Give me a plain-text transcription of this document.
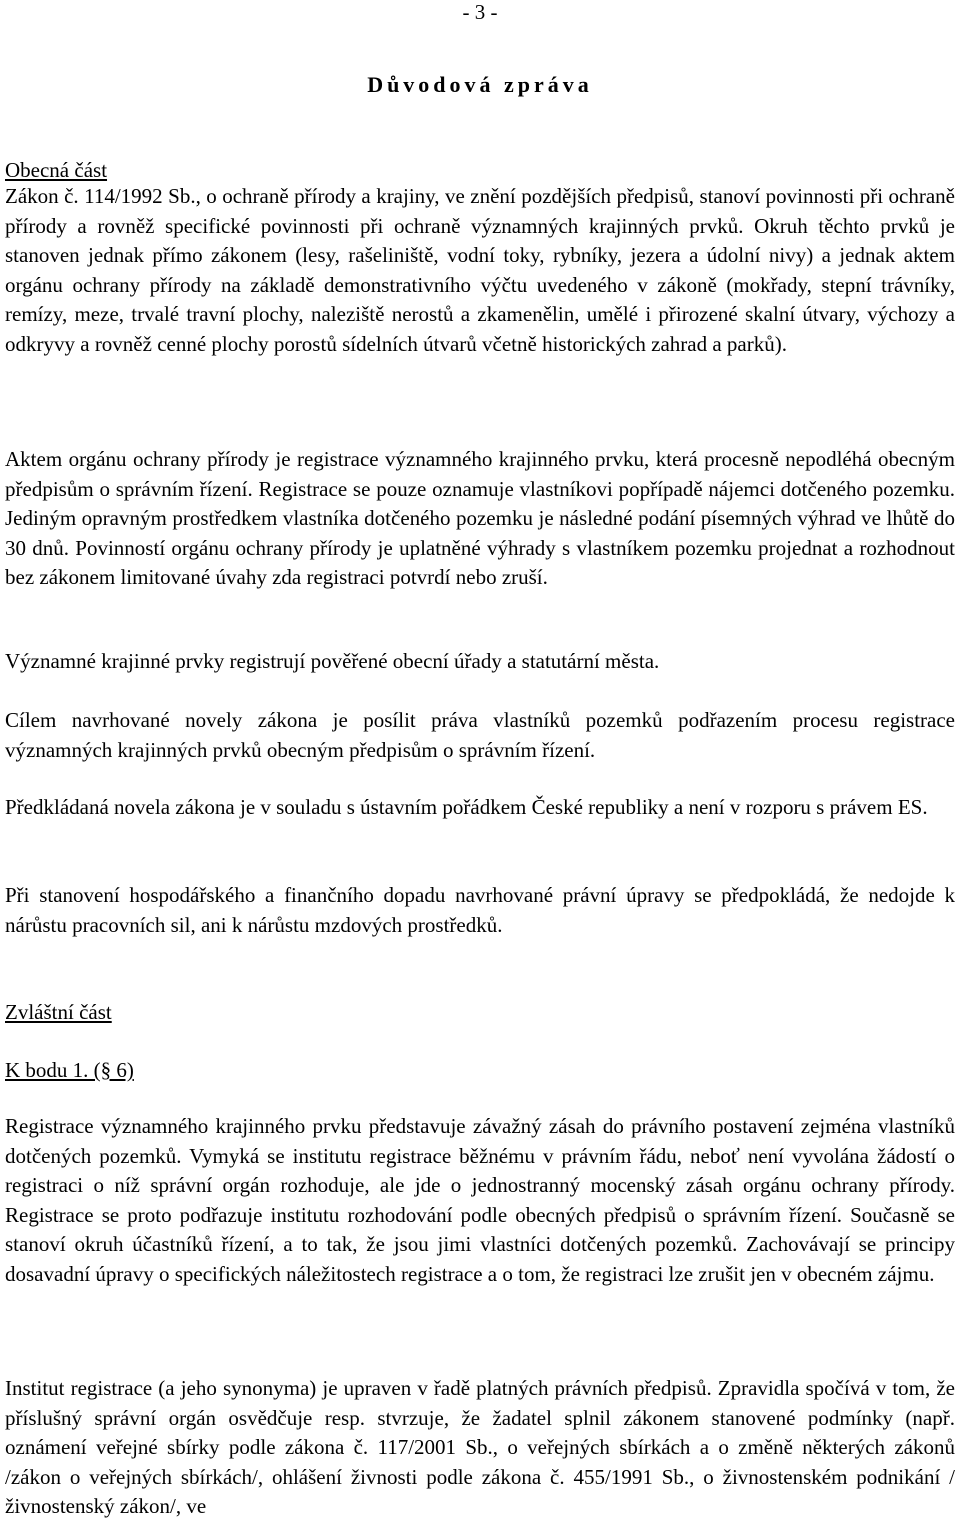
- 3 -
Důvodová zpráva
Obecná část

Zákon č. 114/1992 Sb., o ochraně přírody a krajiny, ve znění pozdějších předpisů, stanoví povinnosti při ochraně přírody a rovněž specifické povinnosti při ochraně významných krajinných prvků. Okruh těchto prvků je stanoven jednak přímo zákonem (lesy, rašeliniště, vodní toky, rybníky, jezera a údolní nivy) a jednak aktem orgánu ochrany přírody na základě demonstrativního výčtu uvedeného v zákoně (mokřady, stepní trávníky, remízy, meze, trvalé travní plochy, naleziště nerostů a zkamenělin, umělé i přirozené skalní útvary, výchozy a odkryvy a rovněž cenné plochy porostů sídelních útvarů včetně historických zahrad a parků).

Aktem orgánu ochrany přírody je registrace významného krajinného prvku, která procesně nepodléhá obecným předpisům o správním řízení. Registrace se pouze oznamuje vlastníkovi popřípadě nájemci dotčeného pozemku. Jediným opravným prostředkem vlastníka dotčeného pozemku je následné podání písemných výhrad ve lhůtě do 30 dnů. Povinností orgánu ochrany přírody je uplatněné výhrady s vlastníkem pozemku projednat a rozhodnout bez zákonem limitované úvahy zda registraci potvrdí nebo zruší.

Významné krajinné prvky registrují pověřené obecní úřady a statutární města.

Cílem navrhované novely zákona je posílit práva vlastníků pozemků podřazením procesu registrace významných krajinných prvků obecným předpisům o správním řízení.

Předkládaná novela zákona je v souladu s ústavním pořádkem České republiky a není v rozporu s právem ES.

Při stanovení hospodářského a finančního dopadu navrhované právní úpravy se předpokládá, že nedojde k nárůstu pracovních sil, ani k nárůstu mzdových prostředků.

Zvláštní část
K bodu 1. (§ 6)

Registrace významného krajinného prvku představuje závažný zásah do právního postavení zejména vlastníků dotčených pozemků. Vymyká se institutu registrace běžnému v právním řádu, neboť není vyvolána žádostí o registraci o níž správní orgán rozhoduje, ale jde o jednostranný mocenský zásah orgánu ochrany přírody. Registrace se proto podřazuje institutu rozhodování podle obecných předpisů o správním řízení. Současně se stanoví okruh účastníků řízení, a to tak, že jsou jimi vlastníci dotčených pozemků. Zachovávají se principy dosavadní úpravy o specifických náležitostech registrace a o tom, že registraci lze zrušit jen v obecném zájmu.

Institut registrace (a jeho synonyma) je upraven v řadě platných právních předpisů. Zpravidla spočívá v tom, že příslušný správní orgán osvědčuje resp. stvrzuje, že žadatel splnil zákonem stanovené podmínky (např. oznámení veřejné sbírky podle zákona č. 117/2001 Sb., o veřejných sbírkách a o změně některých zákonů /zákon o veřejných sbírkách/, ohlášení živnosti podle zákona č. 455/1991 Sb., o živnostenském podnikání /živnostenský zákon/, ve
